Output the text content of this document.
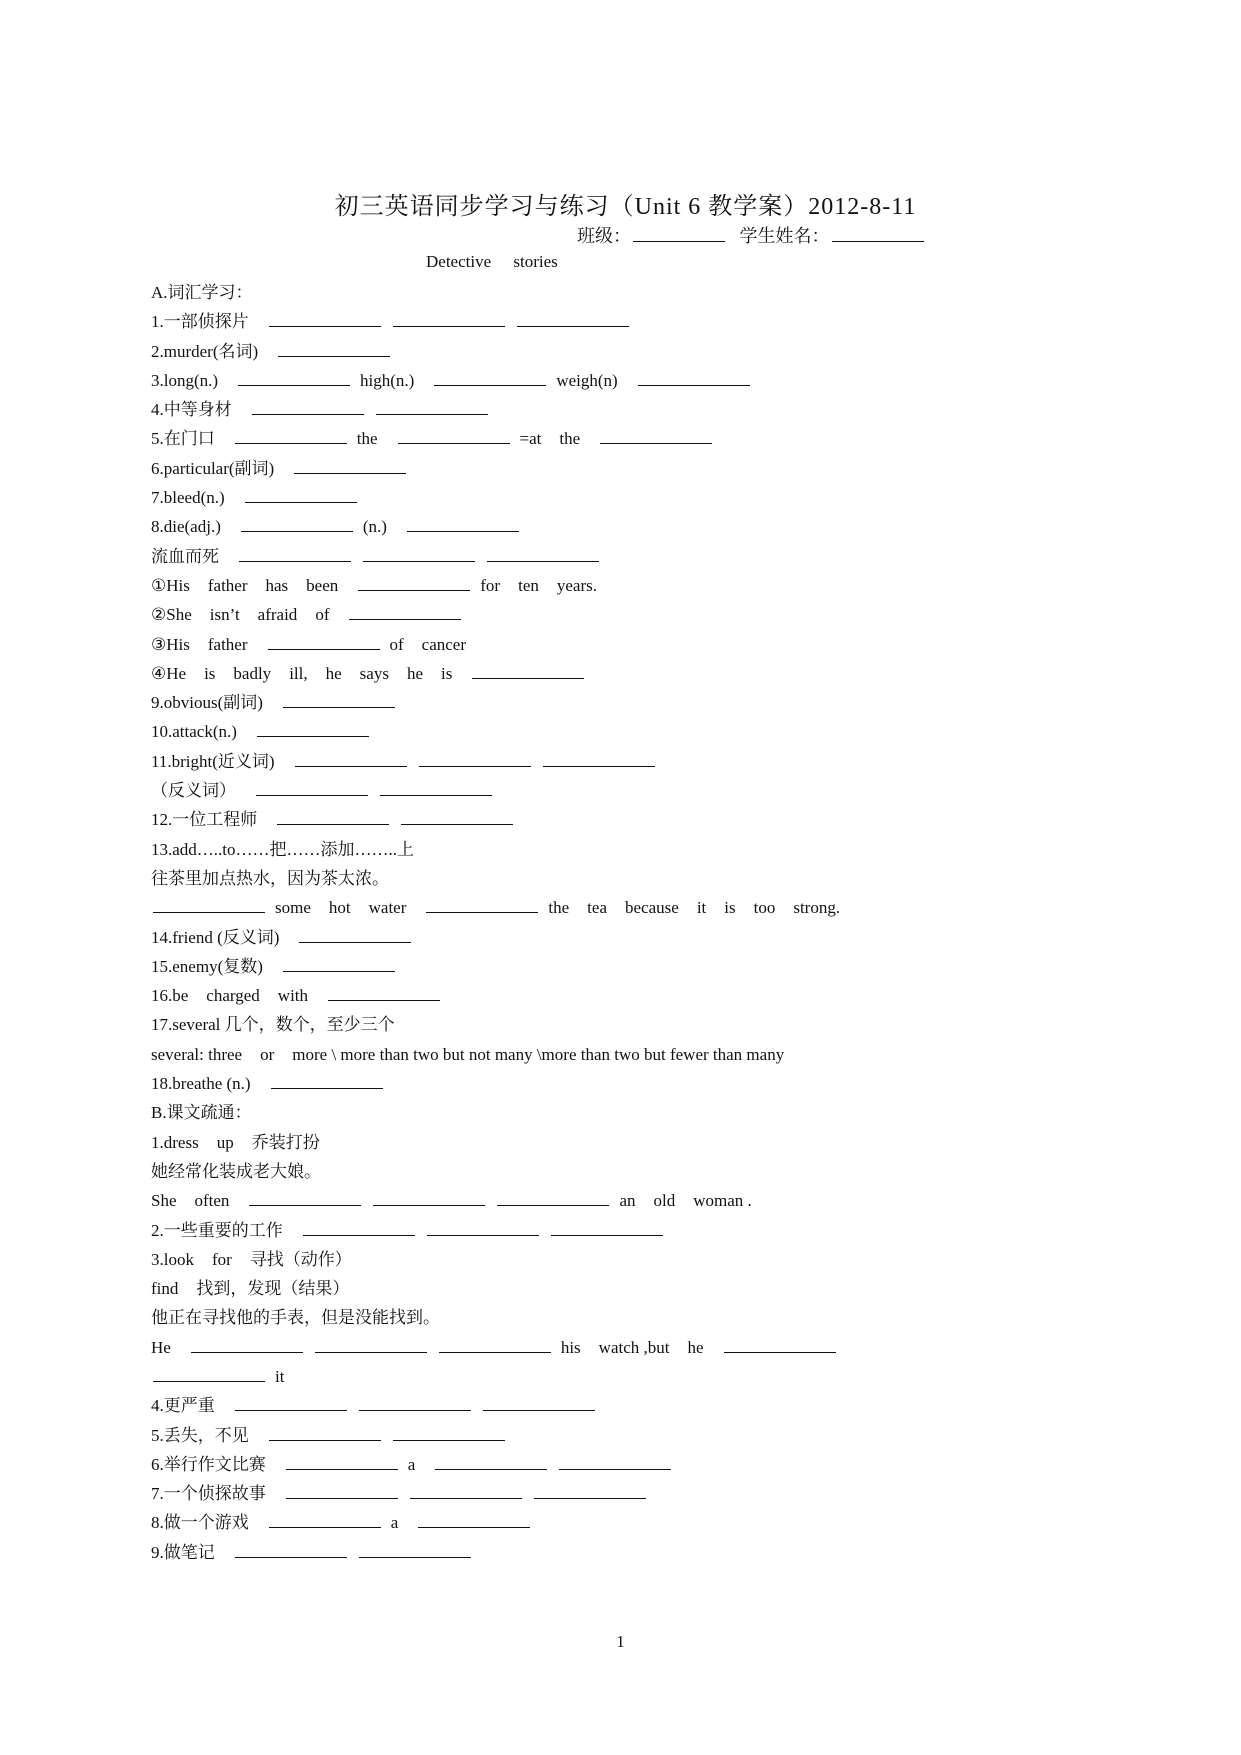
初三英语同步学习与练习（Unit 6 教学案）2012-8-11
班级：	学生姓名：
Detective stories
A.词汇学习：
1.一部侦探片
2.murder(名词)
3.long(n.)	high(n.)	weigh(n)
4.中等身材
5.在门口	the	=at the
6.particular(副词)
7.bleed(n.)
8.die(adj.)	(n.)
流血而死
①His father has been	for ten years.
②She isn’t afraid of
③His father	of cancer
④He is badly ill, he says he is
9.obvious(副词)
10.attack(n.)
11.bright(近义词)
（反义词）
12.一位工程师
13.add…..to……把……添加……..上
往茶里加点热水，因为茶太浓。
some hot water	the tea because it is too strong.
14.friend (反义词)
15.enemy(复数)
16.be charged with
17.several 几个，数个，至少三个
several: three or more \ more than two but not many \more than two but fewer than many
18.breathe (n.)
B.课文疏通：
1.dress up 乔装打扮
她经常化装成老大娘。
She often	an old woman .
2.一些重要的工作
3.look for 寻找（动作）
find 找到，发现（结果）
他正在寻找他的手表，但是没能找到。
He	his watch ,but he
it
4.更严重
5.丢失，不见
6.举行作文比赛	a
7.一个侦探故事
8.做一个游戏	a
9.做笔记
1
